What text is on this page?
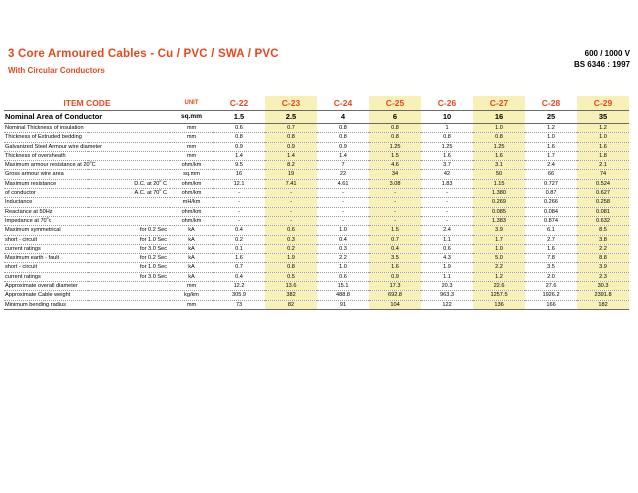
3 Core Armoured Cables - Cu / PVC / SWA / PVC
With Circular Conductors
600 / 1000 V
BS 6346 : 1997
ITEM CODE		UNIT	C-22	C-23	C-24	C-25	C-26	C-27	C-28	C-29
Nominal Area of Conductor		sq.mm	1.5	2.5	4	6	10	16	25	35
Nominal Thickness of insulation		mm	0.6	0.7	0.8	0.8	1	1.0	1.2	1.2
Thickness of Extruded bedding		mm	0.8	0.8	0.8	0.8	0.8	0.8	1.0	1.0
Galvanized Steel Armour wire diameter		mm	0.9	0.9	0.9	1.25	1.25	1.25	1.6	1.6
Thickness of oversheath		mm	1.4	1.4	1.4	1.5	1.6	1.6	1.7	1.8
Maximum armour resistance at 20$^o$C		ohm/km	9.5	8.2	7	4.6	3.7	3.1	2.4	2.1
Gross armour wire area		sq.mm	16	19	22	34	42	50	66	74
Maximum resistance	D.C. at 20$^o$ C	ohm/km	12.1	7.41	4.61	3.08	1.83	1.15	0.727	0.524
of conductor	A.C. at 70$^o$ C	ohm/km	-	-	-	-	-	1.380	0.87	0.627
Inductance		mH/km	-	-	-	-	-	0.269	0.266	0.258
Reactance at 50Hz		ohm/km	-	-	-	-	-	0.085	0.084	0.081
Impedance at 70$^o$c		ohm/km	-	-	-	-	-	1.383	0.874	0.632
Maximum symmetrical	for 0.2 Sec	kA	0.4	0.6	1.0	1.5	2.4	3.9	6.1	8.5
short - circuit	for 1.0 Sec	kA	0.2	0.3	0.4	0.7	1.1	1.7	2.7	3.8
current ratings	for 3.0 Sec	kA	0.1	0.2	0.3	0.4	0.6	1.0	1.6	2.2
Maximum earth - fault	for 0.2 Sec	kA	1.6	1.9	2.2	3.5	4.3	5.0	7.8	8.8
short - circuit	for 1.0 Sec	kA	0.7	0.8	1.0	1.6	1.9	2.2	3.5	3.9
current ratings	for 3.0 Sec	kA	0.4	0.5	0.6	0.9	1.1	1.2	2.0	2.3
Approximate overall diameter		mm	12.2	13.6	15.1	17.3	20.3	22.6	27.6	30.3
Approximate Cable weight		kg/km	305.9	382	488.8	692.8	963.3	1257.5	1926.2	2391.8
Minimum bending radius		mm	73	82	91	104	122	136	166	182
